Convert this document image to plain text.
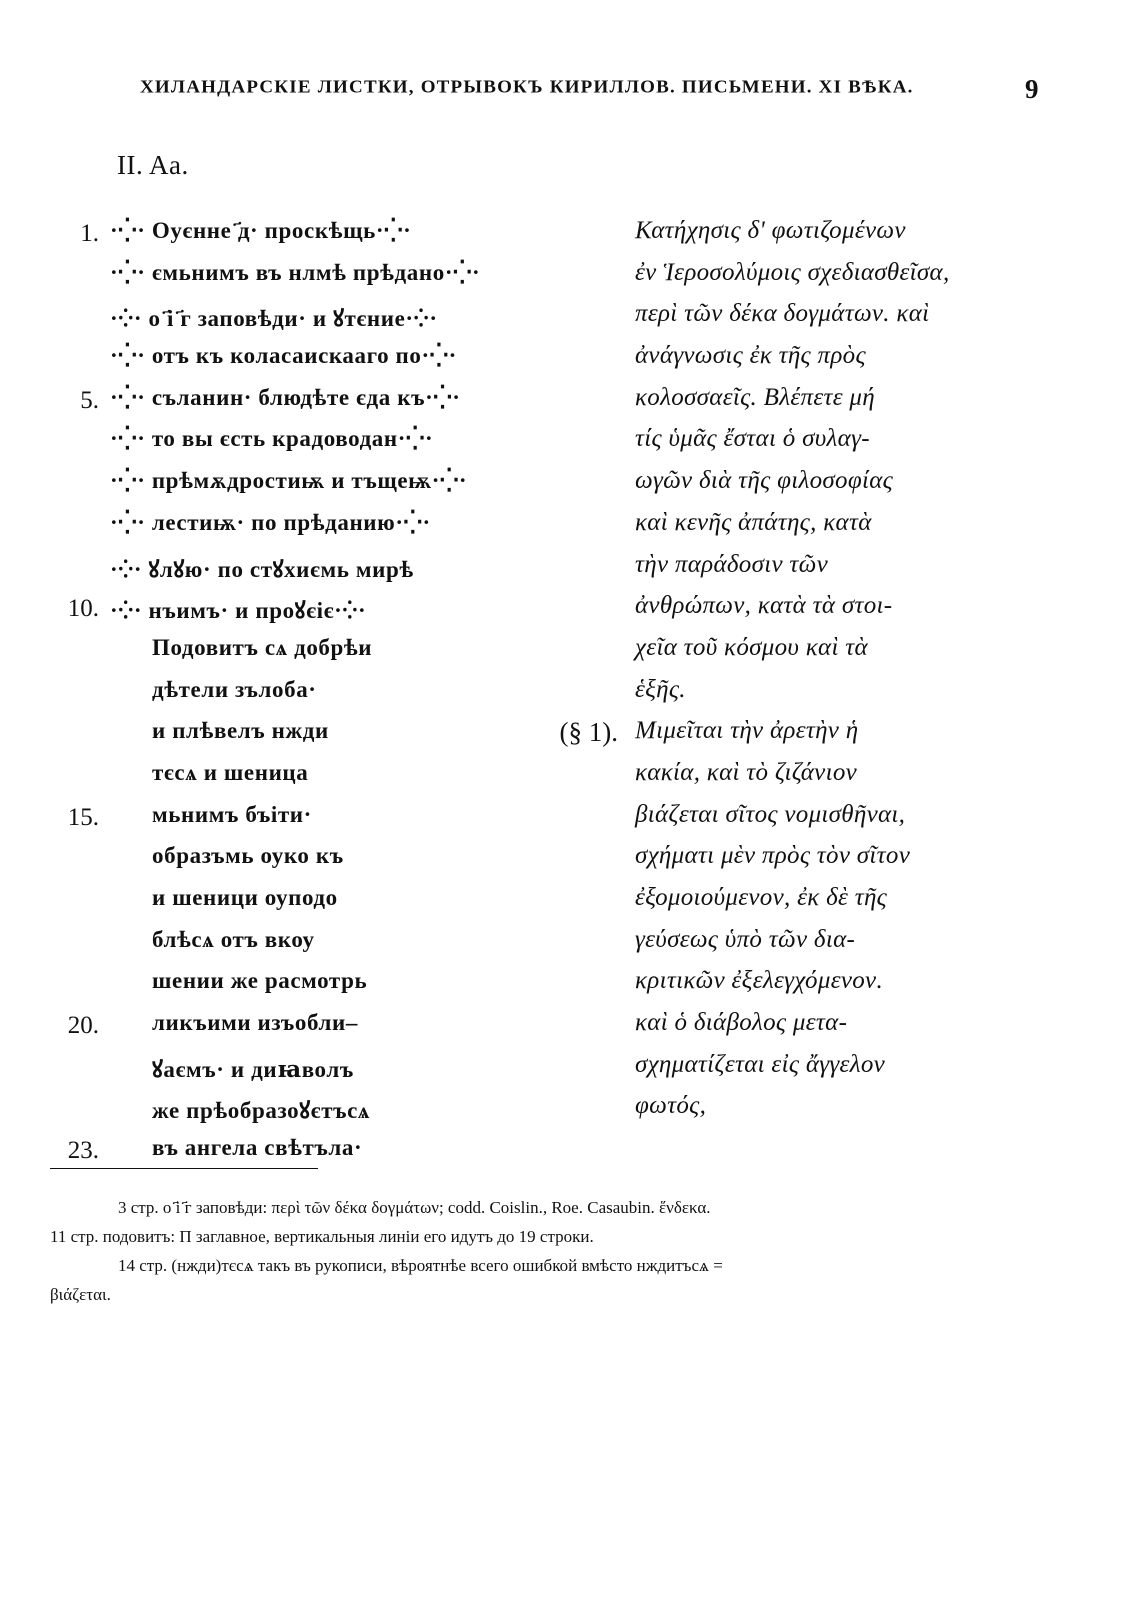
ХИЛАНДАРСКІЕ ЛИСТКИ, ОТРЫВОКЪ КИРИЛЛОВ. ПИСЬМЕНИ. XI ВѢКА.	9
II. Aa.
1. ·⁛· Оуєнне ҃д· проскѣщь·⁛·
·⁛· ємьнимъ въ нлмѣ прѣдано·⁛·
·⁛· о ҃і ҃г заповѣди· и ꙋтєние·⁛·
·⁛· отъ къ коласаискааго по·⁛·
5. ·⁛· съланин· блюдѣте єда къ·⁛·
·⁛· то вы єсть крадоводан·⁛·
·⁛· прѣмѫдростиѭ и тъщеѭ·⁛·
·⁛· лестиѭ· по прѣданию·⁛·
·⁛· ꙋлꙋю· по стꙋхиємь мирѣ
10. ·⁛· нъимъ· и проꙋєіє·⁛·
Подовитъ сѧ добрѣи
дѣтели зълоба·
и плѣвелъ нжди
тєсѧ и шеница
15. мьнимъ бъіти·
образъмь оуко къ
и шеници оуподо
блѣсѧ отъ вкоу
шении же расмотрь
20. ликъими изъобли–
ꙋаємъ· и диꙗволъ
же прѣобразоꙋєтъсѧ
23. въ ангела свѣтъла·
Κατήχησις δʹ φωτιζομένων
ἐν Ἱεροσολύμοις σχεδιασθεῖσα,
περὶ τῶν δέκα δογμάτων. καὶ
ἀνάγνωσις ἐκ τῆς πρὸς
κολοσσαεῖς. Βλέπετε μή
τίς ὑμᾶς ἔσται ὁ συλαγ-
ωγῶν διὰ τῆς φιλοσοφίας
καὶ κενῆς ἀπάτης, κατὰ
τὴν παράδοσιν τῶν
ἀνθρώπων, κατὰ τὰ στοι-
χεῖα τοῦ κόσμου καὶ τὰ
ἑξῆς.
(§ 1). Μιμεῖται τὴν ἀρετὴν ἡ
κακία, καὶ τὸ ζιζάνιον
βιάζεται σῖτος νομισθῆναι,
σχήματι μὲν πρὸς τὸν σῖτον
ἐξομοιούμενον, ἐκ δὲ τῆς
γεύσεως ὑπὸ τῶν δια-
κριτικῶν ἐξελεγχόμενον.
καὶ ὁ διάβολος μετα-
σχηματίζεται εἰς ἄγγελον
φωτός,
3 стр. о ҃і ҃г заповѣди: περὶ τῶν δέκα δογμάτων; codd. Coislin., Roe. Casaubin. ἕνδεκα.
11 стр. подовитъ: П заглавное, вертикальныя линіи его идутъ до 19 строки.
14 стр. (нжди)тєсѧ такъ въ рукописи, вѣроятнѣе всего ошибкой вмѣсто нждитъсѧ =
βιάζεται.
